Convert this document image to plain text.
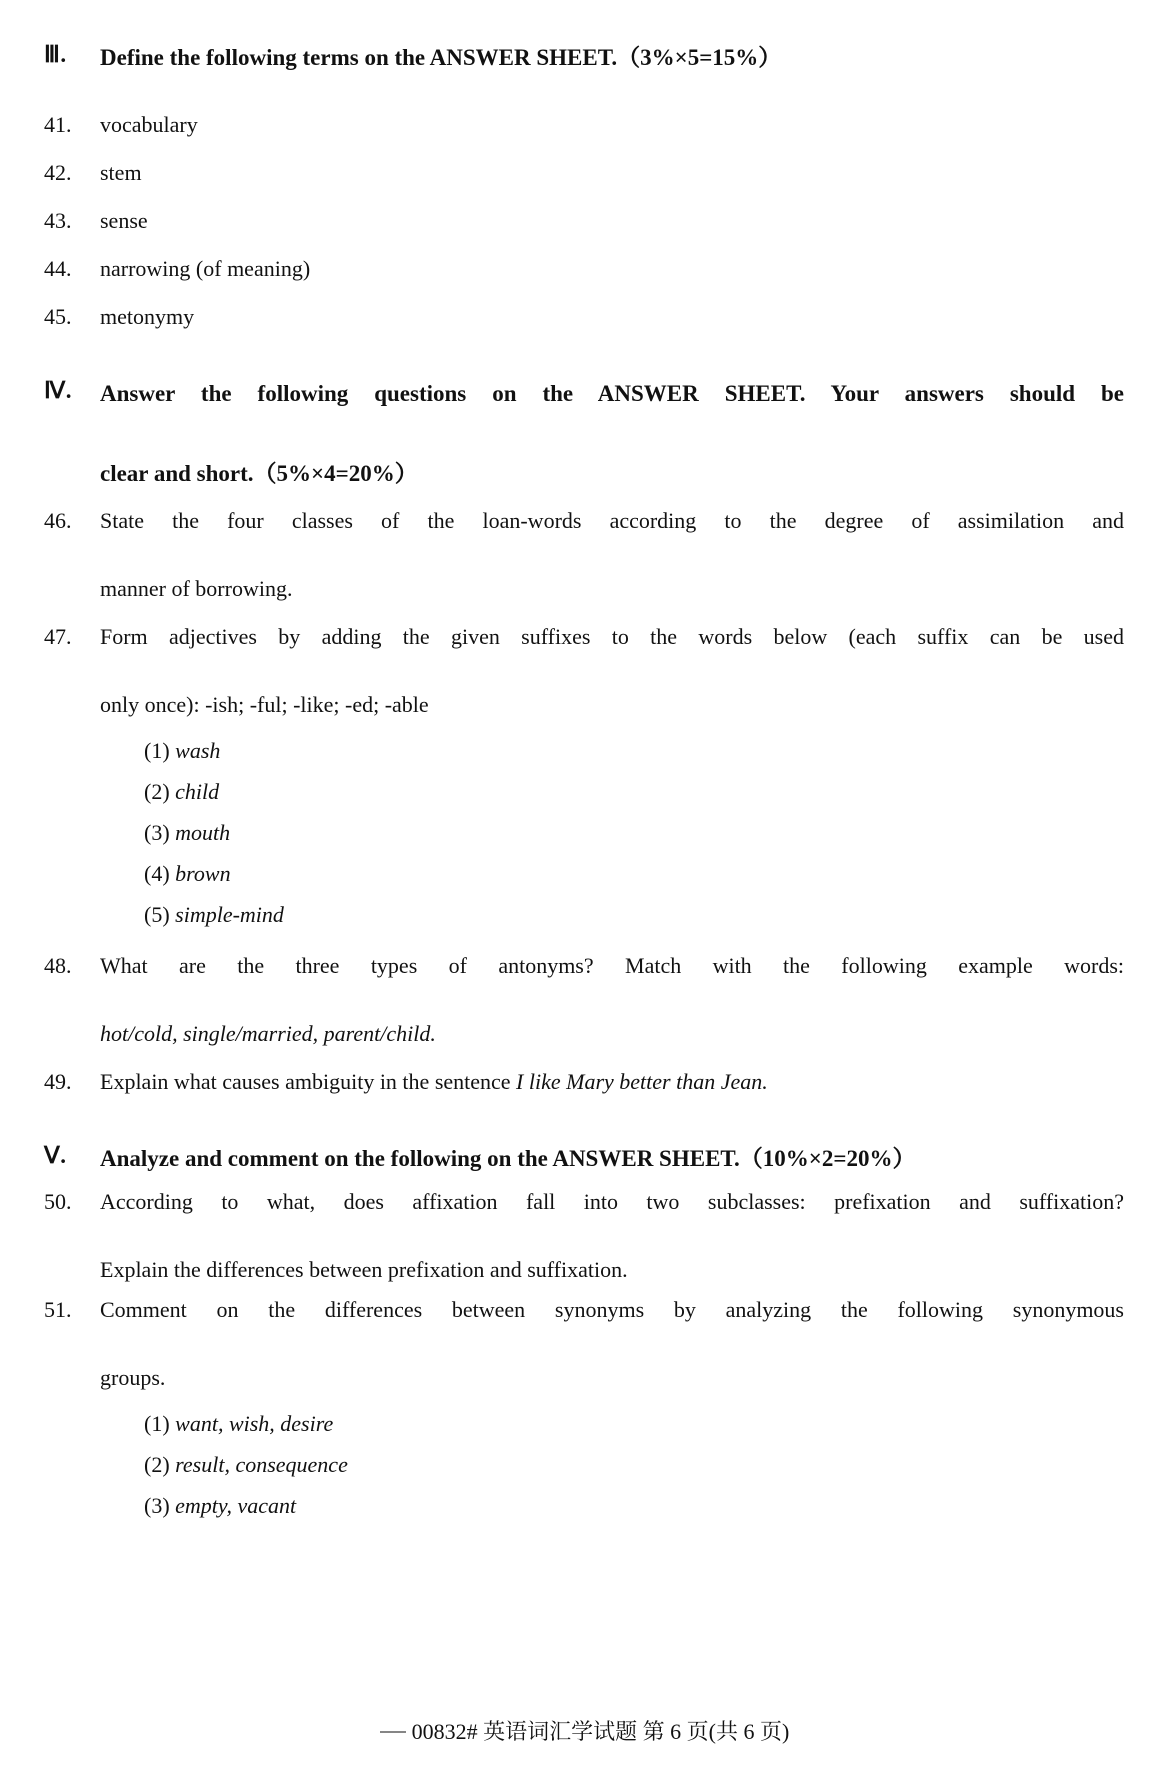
Ⅲ.	Define the following terms on the ANSWER SHEET.（3%×5=15%）
41.	vocabulary
42.	stem
43.	sense
44.	narrowing (of meaning)
45.	metonymy
Ⅳ.	Answer the following questions on the ANSWER SHEET. Your answers should be
clear and short.（5%×4=20%）
46.	State the four classes of the loan-words according to the degree of assimilation and
manner of borrowing.
47.	Form adjectives by adding the given suffixes to the words below (each suffix can be used
only once): -ish; -ful; -like; -ed; -able
(1) wash
(2) child
(3) mouth
(4) brown
(5) simple-mind
48.	What are the three types of antonyms? Match with the following example words:
hot/cold, single/married, parent/child.
49.	Explain what causes ambiguity in the sentence I like Mary better than Jean.
Ⅴ.	Analyze and comment on the following on the ANSWER SHEET.（10%×2=20%）
50.	According to what, does affixation fall into two subclasses: prefixation and suffixation?
Explain the differences between prefixation and suffixation.
51.	Comment on the differences between synonyms by analyzing the following synonymous
groups.
(1) want, wish, desire
(2) result, consequence
(3) empty, vacant
00832# 英语词汇学试题 第 6 页(共 6 页)
